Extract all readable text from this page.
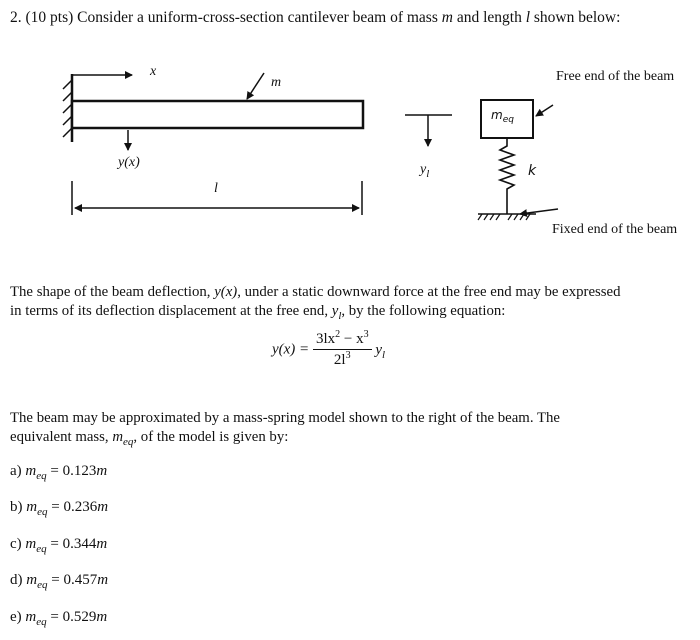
2. (10 pts) Consider a uniform-cross-section cantilever beam of mass m and length l shown below:
x
m
y(x)
l
$y_l$
$m_{eq}$
k
Free end of the beam
Fixed end of the beam
The shape of the beam deflection, y(x), under a static downward force at the free end may be expressed
in terms of its deflection displacement at the free end, $y_l$, by the following equation:
$y(x) = \frac{3lx^2 - x^3}{2l^3} y_l$
The beam may be approximated by a mass-spring model shown to the right of the beam. The
equivalent mass, $m_{eq}$, of the model is given by:
a) $m_{eq} = 0.123m$
b) $m_{eq} = 0.236m$
c) $m_{eq} = 0.344m$
d) $m_{eq} = 0.457m$
e) $m_{eq} = 0.529m$
